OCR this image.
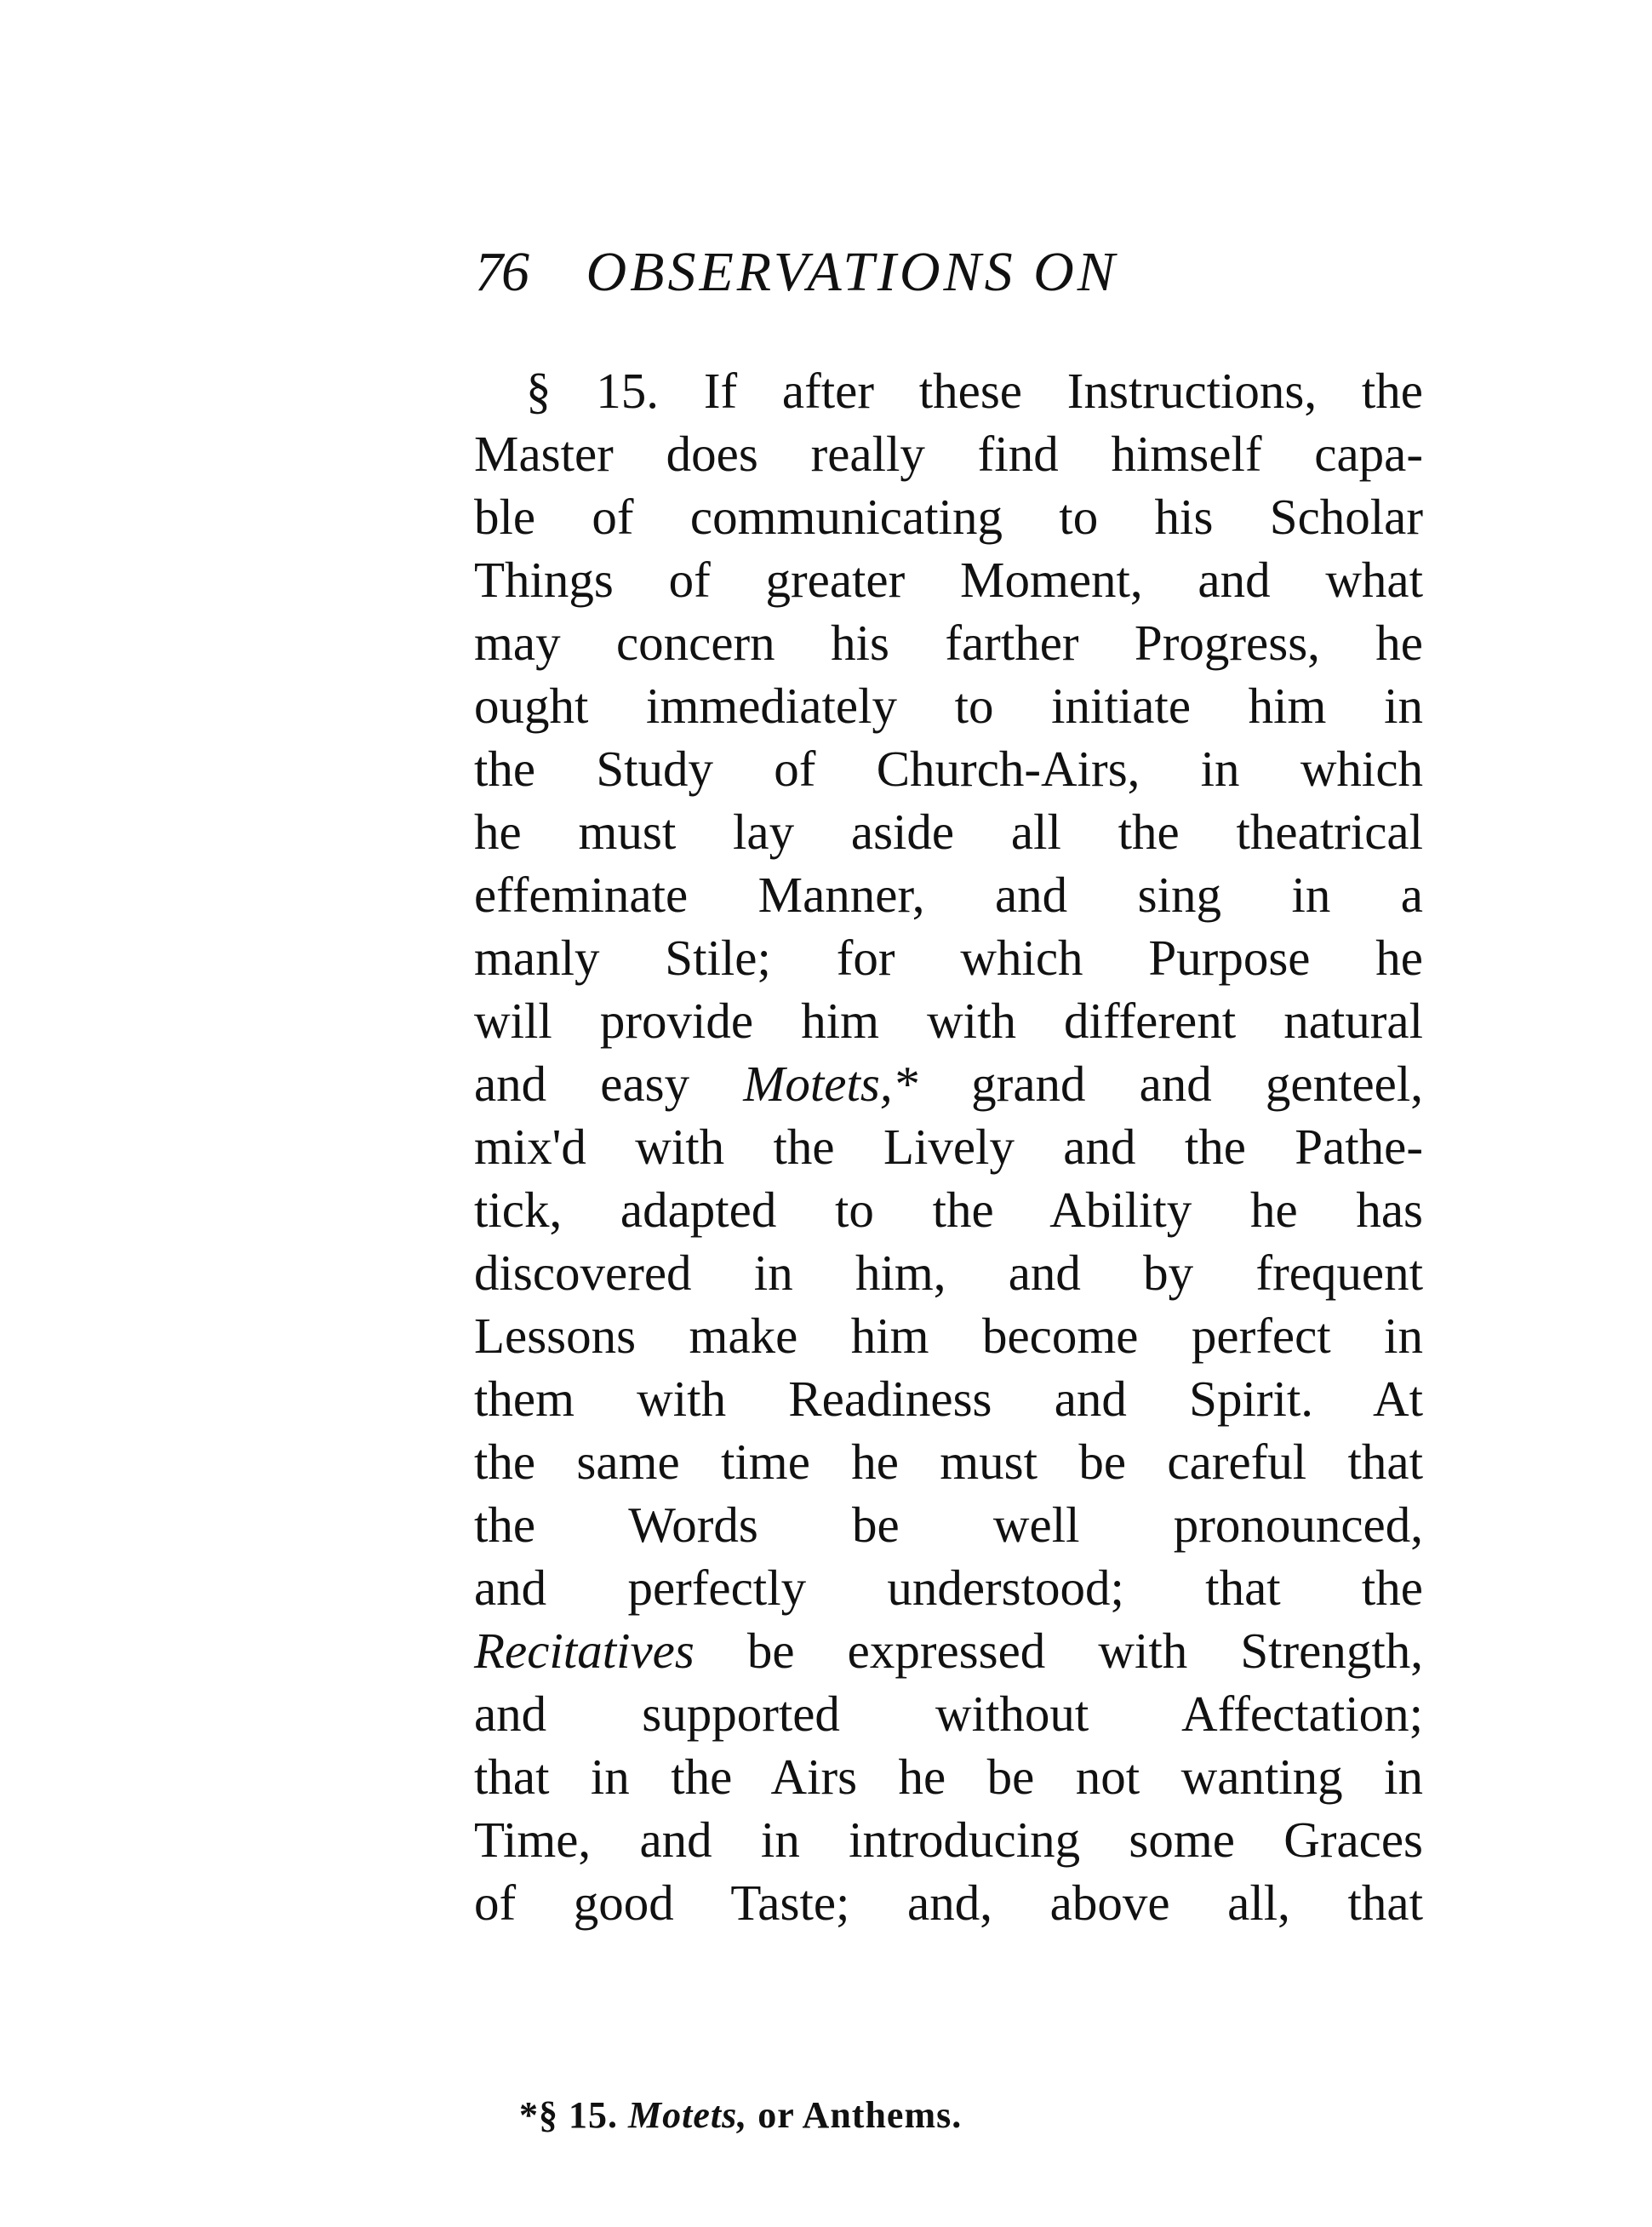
76 OBSERVATIONS ON
§ 15. If after these Instructions, the
Master does really find himself capa-
ble of communicating to his Scholar
Things of greater Moment, and what
may concern his farther Progress, he
ought immediately to initiate him in
the Study of Church-Airs, in which
he must lay aside all the theatrical
effeminate Manner, and sing in a
manly Stile; for which Purpose he
will provide him with different natural
and easy Motets,* grand and genteel,
mix'd with the Lively and the Pathe-
tick, adapted to the Ability he has
discovered in him, and by frequent
Lessons make him become perfect in
them with Readiness and Spirit. At
the same time he must be careful that
the Words be well pronounced,
and perfectly understood; that the
Recitatives be expressed with Strength,
and supported without Affectation;
that in the Airs he be not wanting in
Time, and in introducing some Graces
of good Taste; and, above all, that
*§ 15. Motets, or Anthems.
